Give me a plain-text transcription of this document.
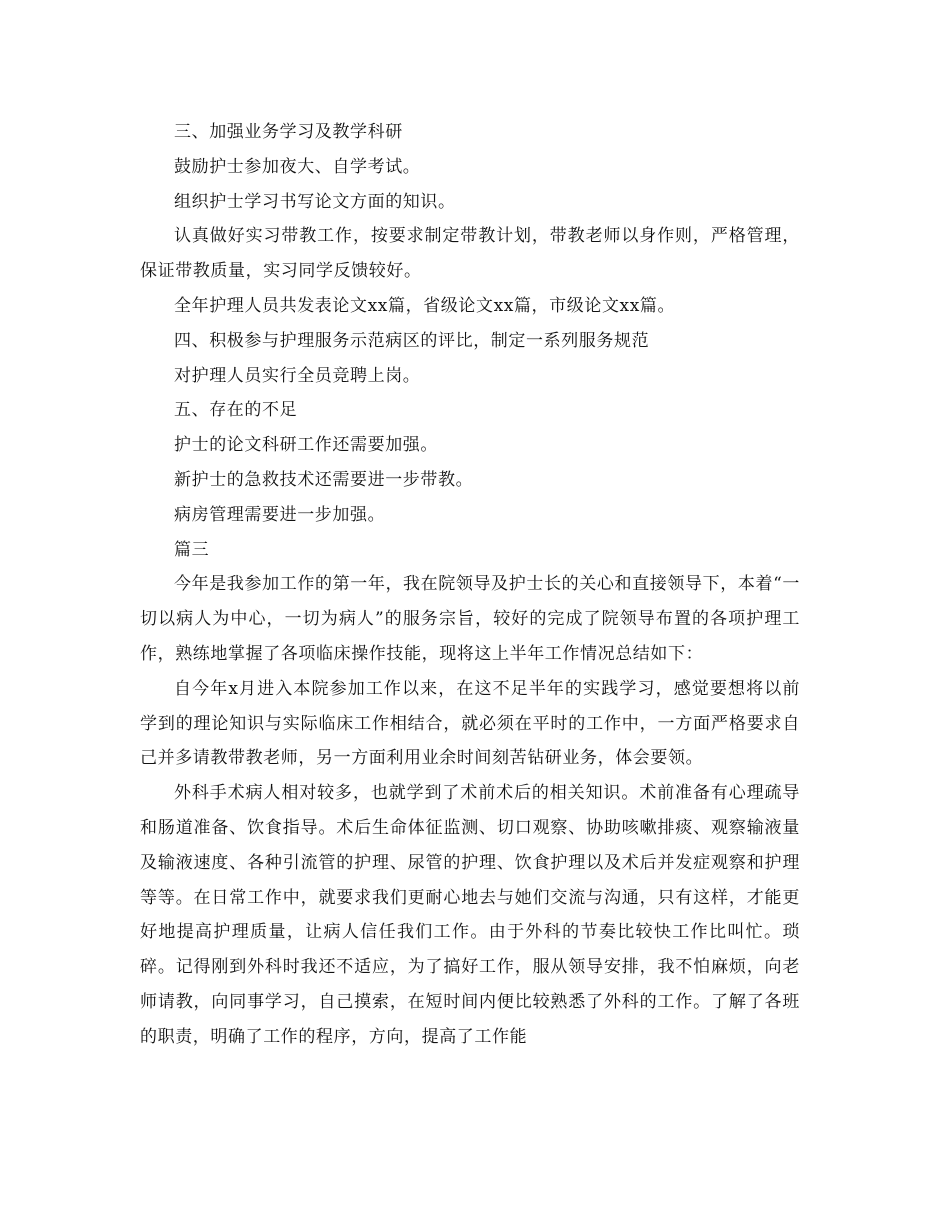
三、加强业务学习及教学科研

鼓励护士参加夜大、自学考试。

组织护士学习书写论文方面的知识。

认真做好实习带教工作，按要求制定带教计划，带教老师以身作则，严格管理，保证带教质量，实习同学反馈较好。

全年护理人员共发表论文xx篇，省级论文xx篇，市级论文xx篇。

四、积极参与护理服务示范病区的评比，制定一系列服务规范

对护理人员实行全员竞聘上岗。

五、存在的不足

护士的论文科研工作还需要加强。

新护士的急救技术还需要进一步带教。

病房管理需要进一步加强。

篇三

今年是我参加工作的第一年，我在院领导及护士长的关心和直接领导下，本着“一切以病人为中心，一切为病人”的服务宗旨，较好的完成了院领导布置的各项护理工作，熟练地掌握了各项临床操作技能，现将这上半年工作情况总结如下：

自今年x月进入本院参加工作以来，在这不足半年的实践学习，感觉要想将以前学到的理论知识与实际临床工作相结合，就必须在平时的工作中，一方面严格要求自己并多请教带教老师，另一方面利用业余时间刻苦钻研业务，体会要领。

外科手术病人相对较多，也就学到了术前术后的相关知识。术前准备有心理疏导和肠道准备、饮食指导。术后生命体征监测、切口观察、协助咳嗽排痰、观察输液量及输液速度、各种引流管的护理、尿管的护理、饮食护理以及术后并发症观察和护理等等。在日常工作中，就要求我们更耐心地去与她们交流与沟通，只有这样，才能更好地提高护理质量，让病人信任我们工作。由于外科的节奏比较快工作比叫忙。琐碎。记得刚到外科时我还不适应，为了搞好工作，服从领导安排，我不怕麻烦，向老师请教，向同事学习，自己摸索，在短时间内便比较熟悉了外科的工作。了解了各班的职责，明确了工作的程序，方向，提高了工作能
